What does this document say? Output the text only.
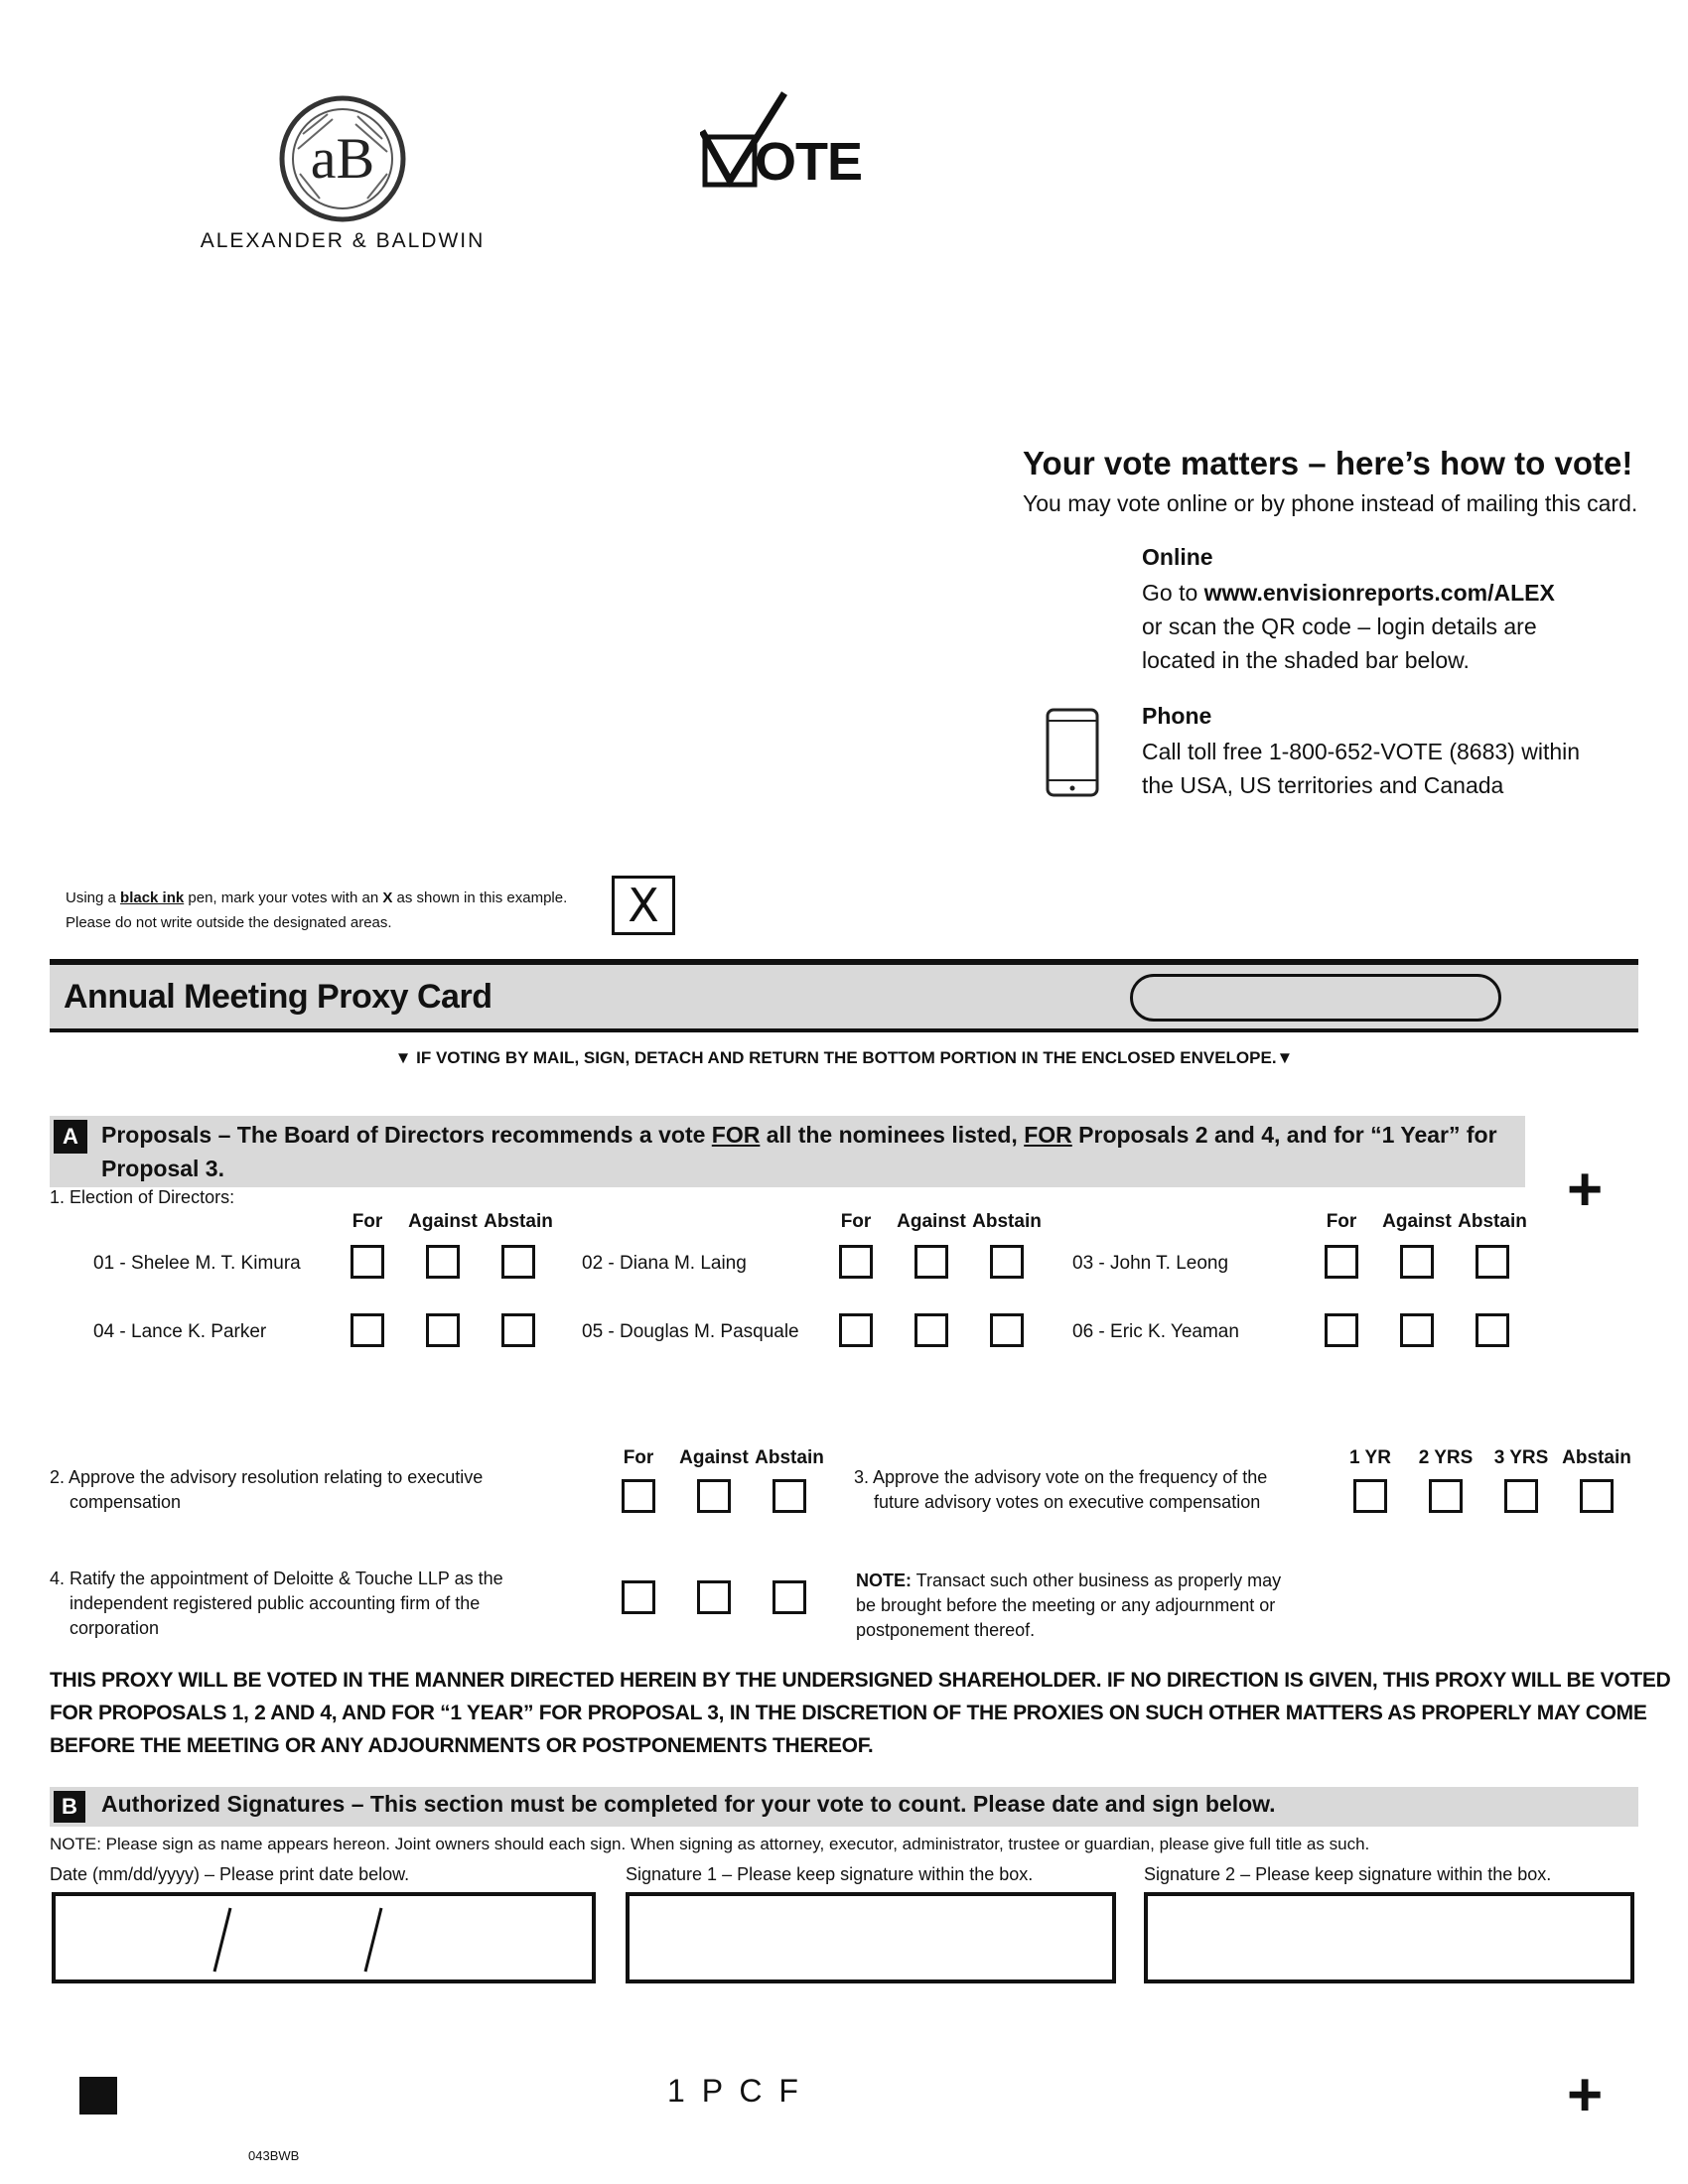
aB
ALEXANDER & BALDWIN
OTE
Your vote matters – here’s how to vote!
You may vote online or by phone instead of mailing this card.
Online
Go to www.envisionreports.com/ALEX
or scan the QR code – login details are
located in the shaded bar below.
Phone
Call toll free 1-800-652-VOTE (8683) within
the USA, US territories and Canada
Using a black ink pen, mark your votes with an X as shown in this example.
Please do not write outside the designated areas.	X
Annual Meeting Proxy Card
▼ IF VOTING BY MAIL, SIGN, DETACH AND RETURN THE BOTTOM PORTION IN THE ENCLOSED ENVELOPE.▼
A	Proposals – The Board of Directors recommends a vote FOR all the nominees listed, FOR Proposals 2 and 4, and for “1 Year” for
Proposal 3.	+
1. Election of Directors:
For	Against Abstain	For	Against Abstain	For	Against Abstain
01 - Shelee M. T. Kimura	02 - Diana M. Laing	03 - John T. Leong
04 - Lance K. Parker	05 - Douglas M. Pasquale	06 - Eric K. Yeaman
2. Approve the advisory resolution relating to executive
compensation
For	Against Abstain
3. Approve the advisory vote on the frequency of the
future advisory votes on executive compensation
1 YR	2 YRS	3 YRS Abstain
4. Ratify the appointment of Deloitte & Touche LLP as the
independent registered public accounting firm of the
corporation
NOTE: Transact such other business as properly may
be brought before the meeting or any adjournment or
postponement thereof.
THIS PROXY WILL BE VOTED IN THE MANNER DIRECTED HEREIN BY THE UNDERSIGNED SHAREHOLDER. IF NO DIRECTION IS GIVEN, THIS PROXY WILL BE VOTED
FOR PROPOSALS 1, 2 AND 4, AND FOR “1 YEAR” FOR PROPOSAL 3, IN THE DISCRETION OF THE PROXIES ON SUCH OTHER MATTERS AS PROPERLY MAY COME
BEFORE THE MEETING OR ANY ADJOURNMENTS OR POSTPONEMENTS THEREOF.
B	Authorized Signatures – This section must be completed for your vote to count. Please date and sign below.
NOTE: Please sign as name appears hereon. Joint owners should each sign. When signing as attorney, executor, administrator, trustee or guardian, please give full title as such.
Date (mm/dd/yyyy) – Please print date below.	Signature 1 – Please keep signature within the box.	Signature 2 – Please keep signature within the box.
1 P C F	+
043BWB
